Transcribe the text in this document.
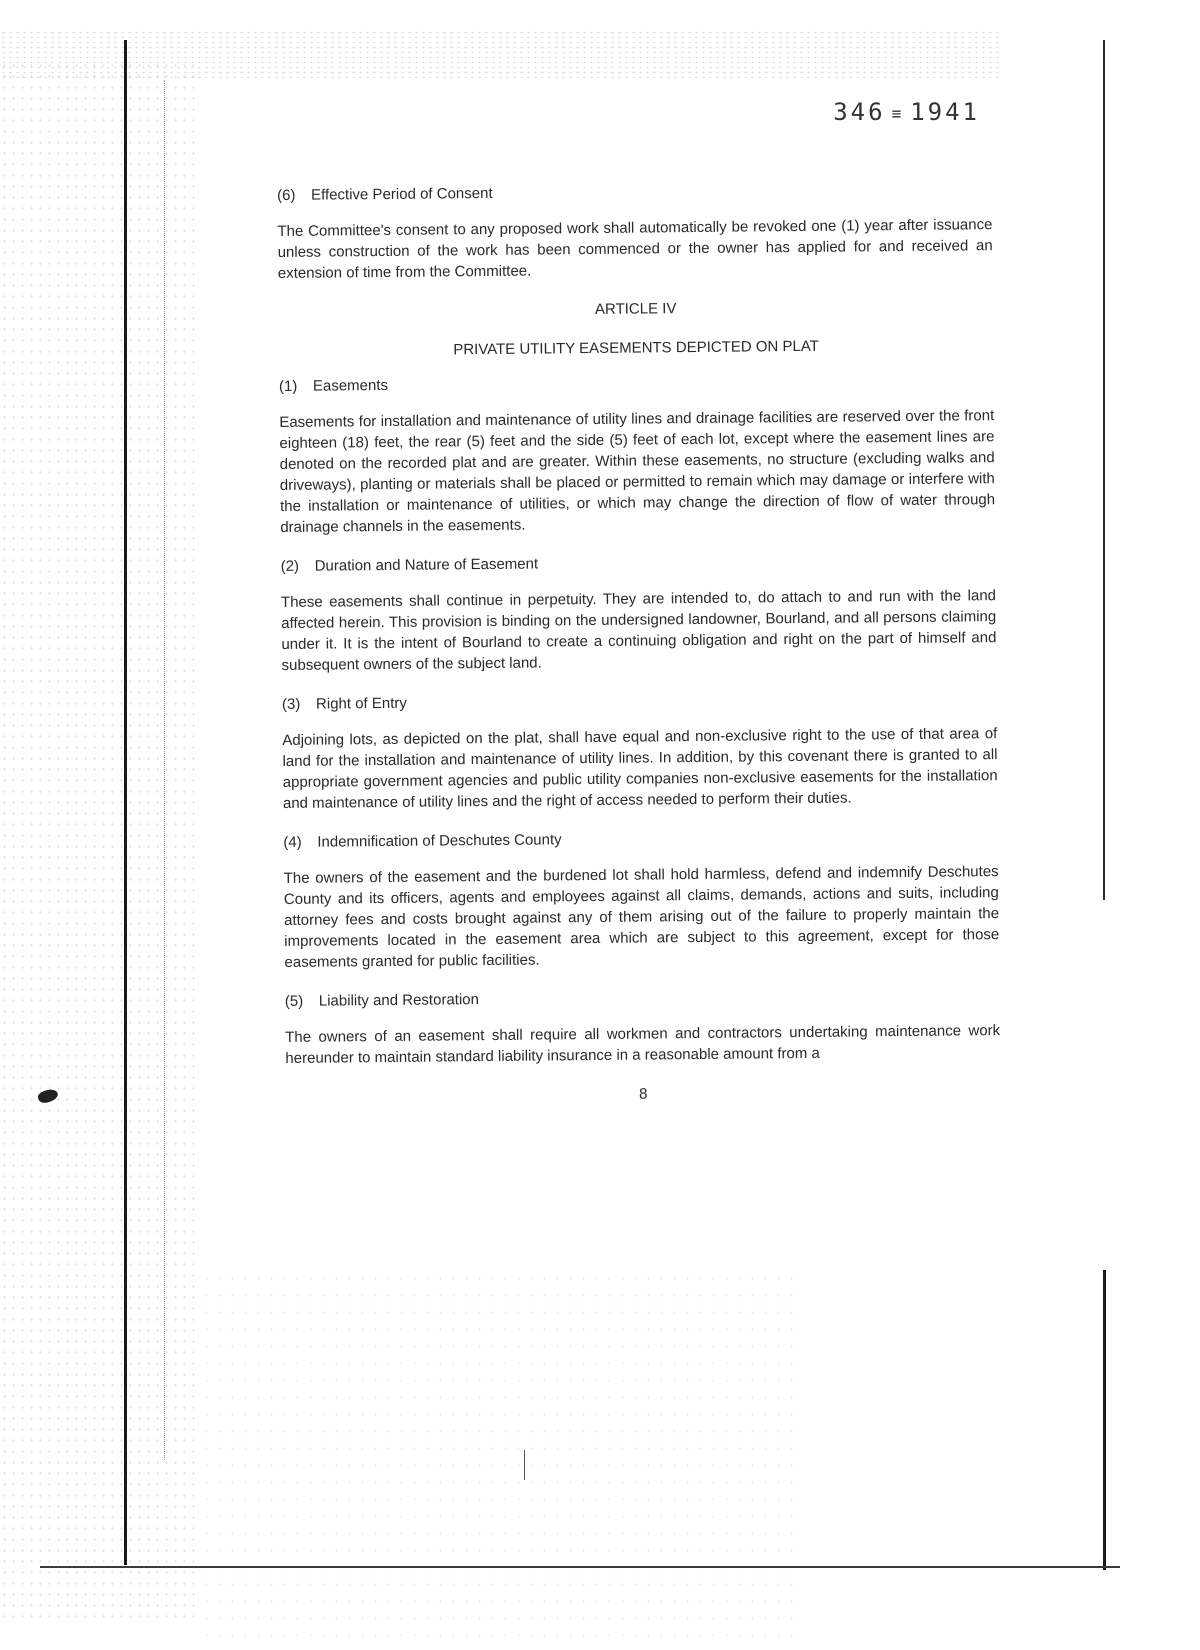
346 ≡ 1941

(6) Effective Period of Consent

The Committee's consent to any proposed work shall automatically be revoked one (1) year after issuance unless construction of the work has been commenced or the owner has applied for and received an extension of time from the Committee.

ARTICLE IV

PRIVATE UTILITY EASEMENTS DEPICTED ON PLAT

(1) Easements

Easements for installation and maintenance of utility lines and drainage facilities are reserved over the front eighteen (18) feet, the rear (5) feet and the side (5) feet of each lot, except where the easement lines are denoted on the recorded plat and are greater. Within these easements, no structure (excluding walks and driveways), planting or materials shall be placed or permitted to remain which may damage or interfere with the installation or maintenance of utilities, or which may change the direction of flow of water through drainage channels in the easements.

(2) Duration and Nature of Easement

These easements shall continue in perpetuity. They are intended to, do attach to and run with the land affected herein. This provision is binding on the undersigned landowner, Bourland, and all persons claiming under it. It is the intent of Bourland to create a continuing obligation and right on the part of himself and subsequent owners of the subject land.

(3) Right of Entry

Adjoining lots, as depicted on the plat, shall have equal and non-exclusive right to the use of that area of land for the installation and maintenance of utility lines. In addition, by this covenant there is granted to all appropriate government agencies and public utility companies non-exclusive easements for the installation and maintenance of utility lines and the right of access needed to perform their duties.

(4) Indemnification of Deschutes County

The owners of the easement and the burdened lot shall hold harmless, defend and indemnify Deschutes County and its officers, agents and employees against all claims, demands, actions and suits, including attorney fees and costs brought against any of them arising out of the failure to properly maintain the improvements located in the easement area which are subject to this agreement, except for those easements granted for public facilities.

(5) Liability and Restoration

The owners of an easement shall require all workmen and contractors undertaking maintenance work hereunder to maintain standard liability insurance in a reasonable amount from a

8
